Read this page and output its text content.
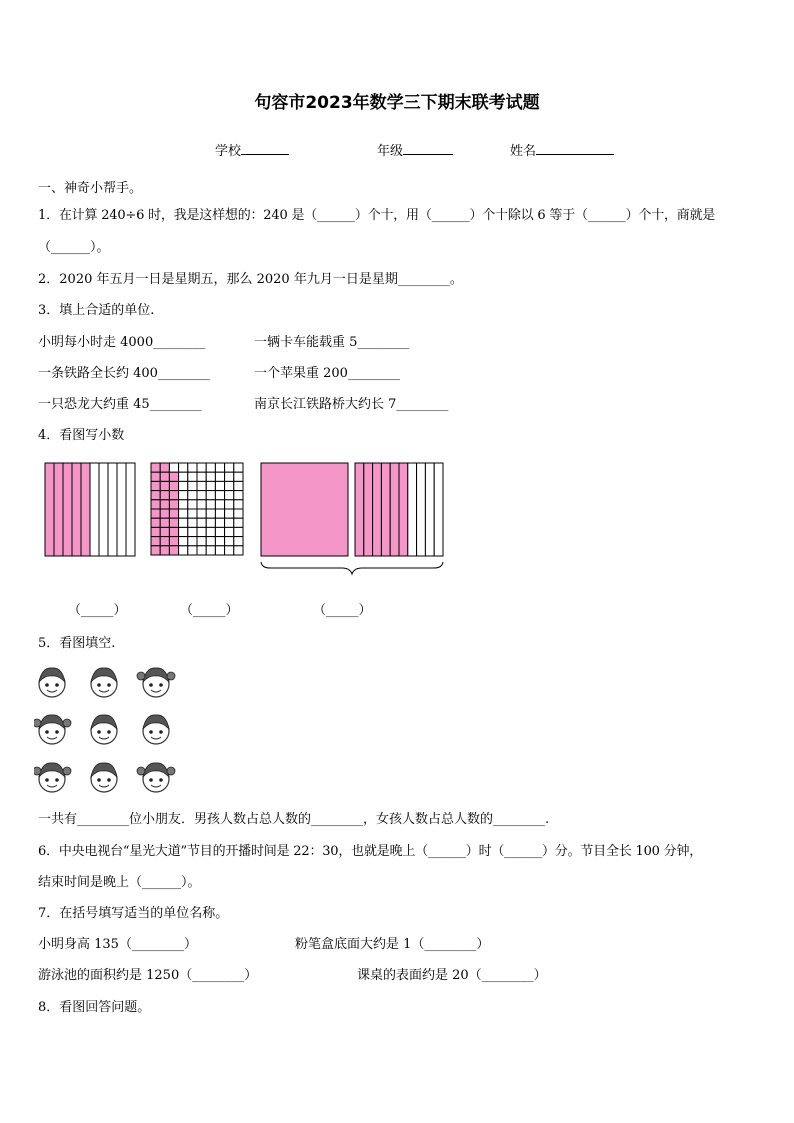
句容市2023年数学三下期末联考试题
学校	年级	姓名
一、神奇小帮手。
1．在计算 240÷6 时，我是这样想的：240 是（______）个十，用（______）个十除以 6 等于（______）个十，商就是
（______）。
2．2020 年五月一日是星期五，那么 2020 年九月一日是星期________。
3．填上合适的单位.
小明每小时走 4000________	一辆卡车能载重 5________
一条铁路全长约 400________	一个苹果重 200________
一只恐龙大约重 45________	南京长江铁路桥大约长 7________
4．看图写小数
（_____）	（_____）	（_____）
5．看图填空.
一共有________位小朋友．男孩人数占总人数的________，女孩人数占总人数的________.
6．中央电视台“星光大道”节目的开播时间是 22：30，也就是晚上（______）时（______）分。节目全长 100 分钟，
结束时间是晚上（______）。
7．在括号填写适当的单位名称。
小明身高 135（________）	粉笔盒底面大约是 1（________）
游泳池的面积约是 1250（________）	课桌的表面约是 20（________）
8．看图回答问题。
